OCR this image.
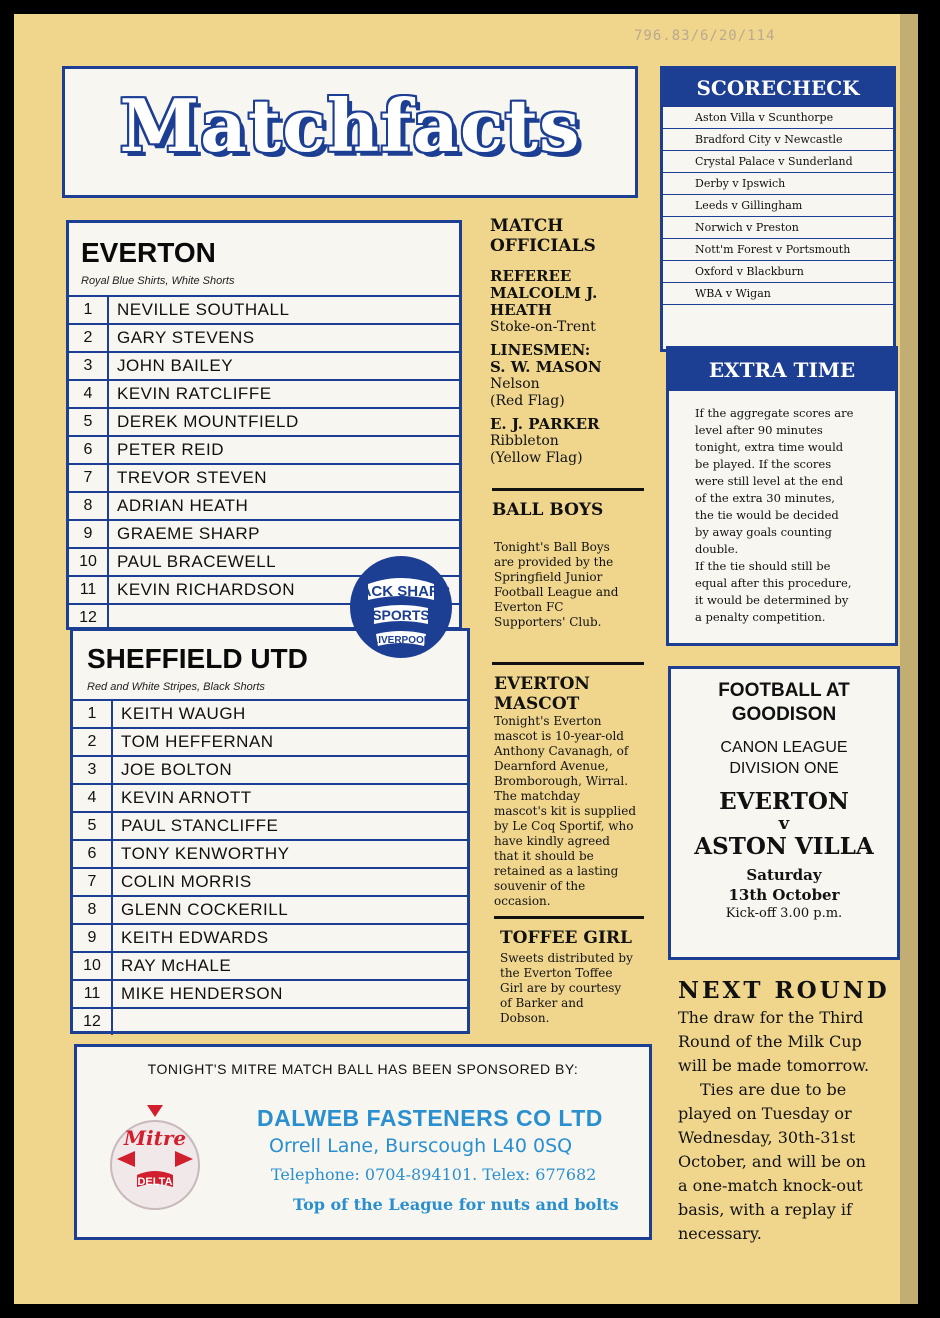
796.83/6/20/114
Matchfacts
EVERTON
Royal Blue Shirts, White Shorts
1	NEVILLE SOUTHALL
2	GARY STEVENS
3	JOHN BAILEY
4	KEVIN RATCLIFFE
5	DEREK MOUNTFIELD
6	PETER REID
7	TREVOR STEVEN
8	ADRIAN HEATH
9	GRAEME SHARP
10	PAUL BRACEWELL
11	KEVIN RICHARDSON
12
SHEFFIELD UTD
Red and White Stripes, Black Shorts
1	KEITH WAUGH
2	TOM HEFFERNAN
3	JOE BOLTON
4	KEVIN ARNOTT
5	PAUL STANCLIFFE
6	TONY KENWORTHY
7	COLIN MORRIS
8	GLENN COCKERILL
9	KEITH EDWARDS
10	RAY McHALE
11	MIKE HENDERSON
12
JACK SHARP
SPORTS
LIVERPOOL
MATCH
OFFICIALS
REFEREE
MALCOLM J.
HEATH
Stoke-on-Trent
LINESMEN:
S. W. MASON
Nelson
(Red Flag)
E. J. PARKER
Ribbleton
(Yellow Flag)
BALL BOYS
Tonight's Ball Boys
are provided by the
Springfield Junior
Football League and
Everton FC
Supporters' Club.
EVERTON
MASCOT
Tonight's Everton
mascot is 10-year-old
Anthony Cavanagh, of
Dearnford Avenue,
Bromborough, Wirral.
The matchday
mascot's kit is supplied
by Le Coq Sportif, who
have kindly agreed
that it should be
retained as a lasting
souvenir of the
occasion.
TOFFEE GIRL
Sweets distributed by
the Everton Toffee
Girl are by courtesy
of Barker and
Dobson.
SCORECHECK
Aston Villa v Scunthorpe
Bradford City v Newcastle
Crystal Palace v Sunderland
Derby v Ipswich
Leeds v Gillingham
Norwich v Preston
Nott'm Forest v Portsmouth
Oxford v Blackburn
WBA v Wigan
EXTRA TIME
If the aggregate scores are
level after 90 minutes
tonight, extra time would
be played. If the scores
were still level at the end
of the extra 30 minutes,
the tie would be decided
by away goals counting
double.
If the tie should still be
equal after this procedure,
it would be determined by
a penalty competition.
FOOTBALL AT
GOODISON
CANON LEAGUE
DIVISION ONE
EVERTON
v
ASTON VILLA
Saturday
13th October
Kick-off 3.00 p.m.
NEXT ROUND
The draw for the Third
Round of the Milk Cup
will be made tomorrow.
Ties are due to be
played on Tuesday or
Wednesday, 30th-31st
October, and will be on
a one-match knock-out
basis, with a replay if
necessary.
TONIGHT'S MITRE MATCH BALL HAS BEEN SPONSORED BY:
Mitre
DELTA
DALWEB FASTENERS CO LTD
Orrell Lane, Burscough L40 0SQ
Telephone: 0704-894101. Telex: 677682
Top of the League for nuts and bolts
